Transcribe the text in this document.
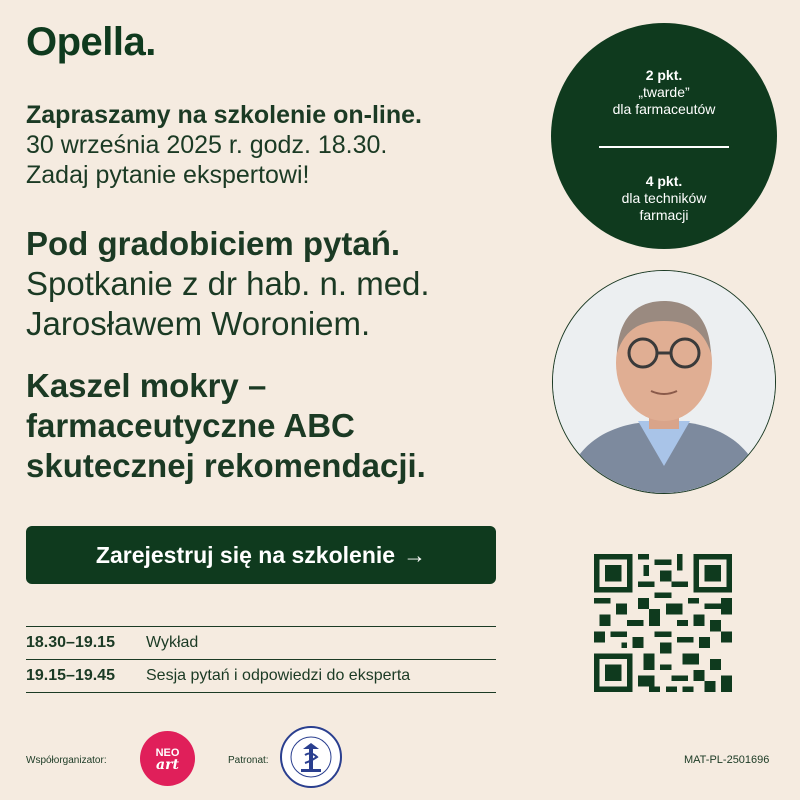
Opella.
Zapraszamy na szkolenie on-line.
30 września 2025 r. godz. 18.30.
Zadaj pytanie ekspertowi!
Pod gradobiciem pytań.
Spotkanie z dr hab. n. med.
Jarosławem Woroniem.
Kaszel mokry –
farmaceutyczne ABC
skutecznej rekomendacji.
Zarejestruj się na szkolenie →
18.30–19.15	Wykład
19.15–19.45	Sesja pytań i odpowiedzi do eksperta
2 pkt.
„twarde”
dla farmaceutów
4 pkt.
dla techników
farmacji
Współorganizator:
NEO
art	Patronat:	MAT-PL-2501696
